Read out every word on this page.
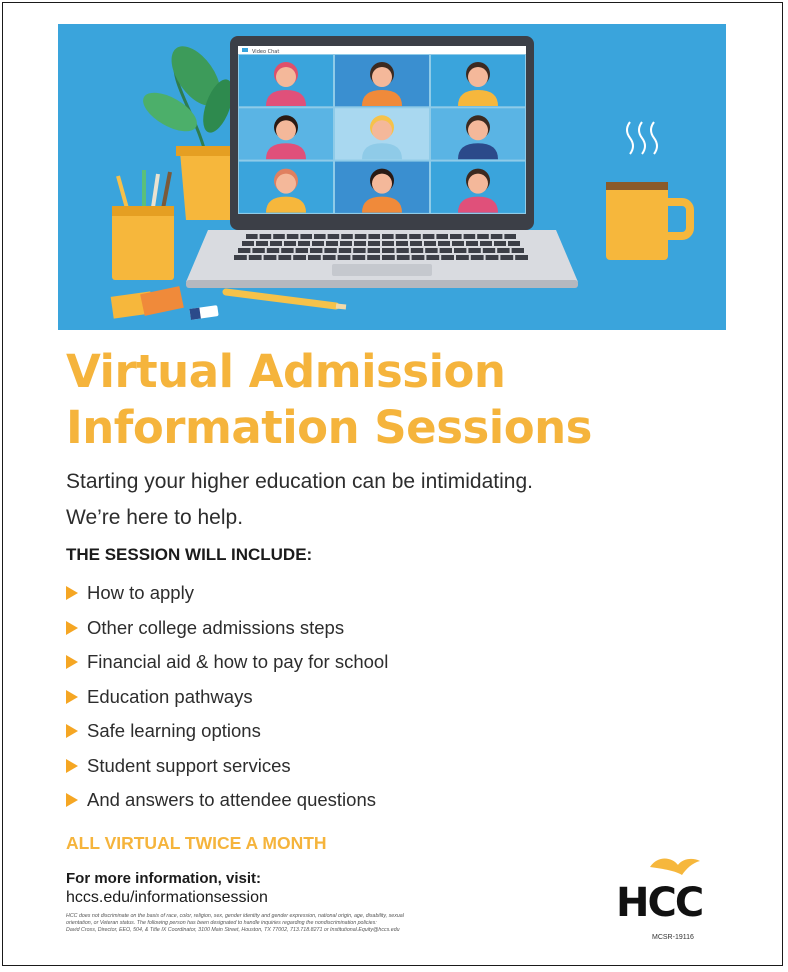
Video Chat
Virtual Admission
Information Sessions

Starting your higher education can be intimidating.
We’re here to help.

THE SESSION WILL INCLUDE:

How to apply
Other college admissions steps
Financial aid & how to pay for school
Education pathways
Safe learning options
Student support services
And answers to attendee questions

ALL VIRTUAL TWICE A MONTH

For more information, visit:

hccs.edu/informationsession

HCC does not discriminate on the basis of race, color, religion, sex, gender identity and gender expression, national origin, age, disability, sexual
orientation, or Veteran status. The following person has been designated to handle inquiries regarding the nondiscrimination policies:
David Cross, Director, EEO, 504, & Title IX Coordinator, 3100 Main Street, Houston, TX 77002, 713.718.8271 or Institutional.Equity@hccs.edu

HCC

MCSR-19116
